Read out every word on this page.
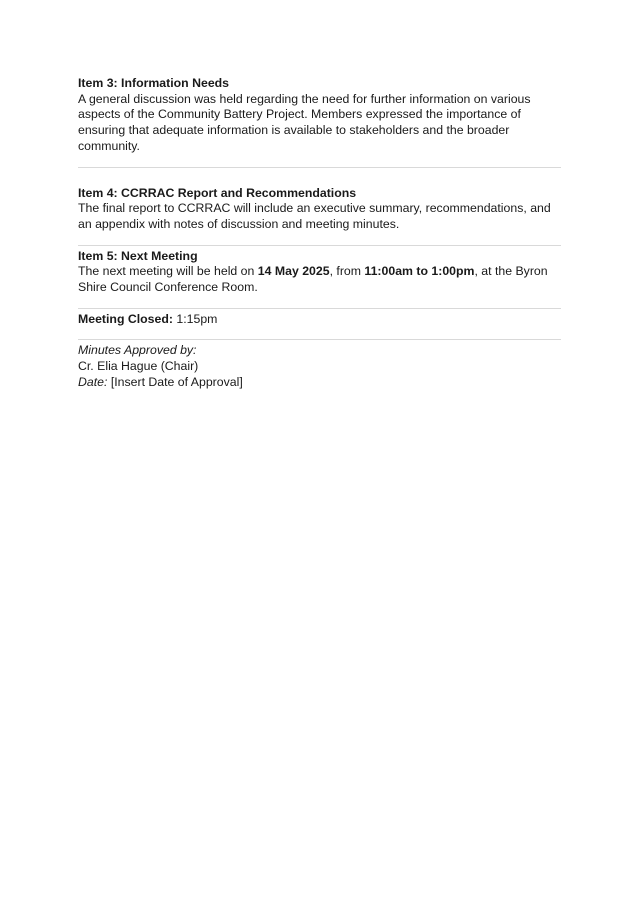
Item 3: Information Needs

A general discussion was held regarding the need for further information on various aspects of the Community Battery Project. Members expressed the importance of ensuring that adequate information is available to stakeholders and the broader community.

Item 4: CCRRAC Report and Recommendations

The final report to CCRRAC will include an executive summary, recommendations, and an appendix with notes of discussion and meeting minutes.

Item 5: Next Meeting

The next meeting will be held on 14 May 2025, from 11:00am to 1:00pm, at the Byron Shire Council Conference Room.

Meeting Closed: 1:15pm

Minutes Approved by:

Cr. Elia Hague (Chair)

Date: [Insert Date of Approval]
